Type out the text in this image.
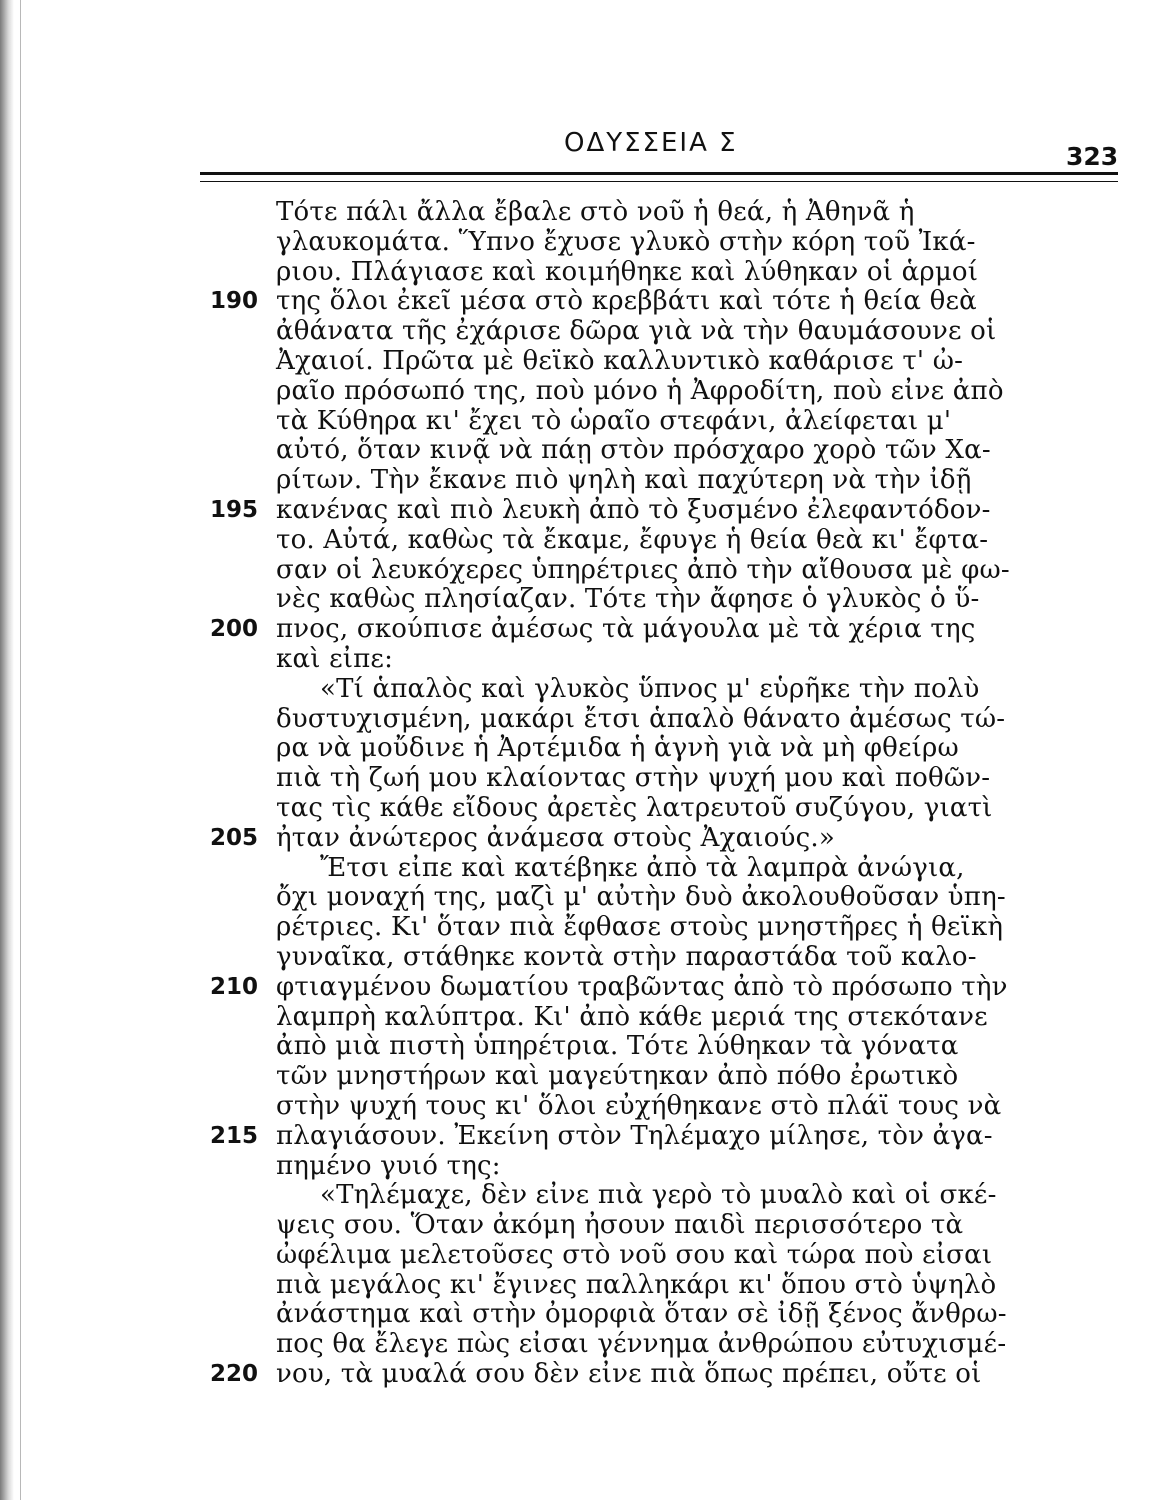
ΟΔΥΣΣΕΙΑ Σ	323
Τότε πάλι ἄλλα ἔβαλε στὸ νοῦ ἡ θεά, ἡ Ἀθηνᾶ ἡ
γλαυκομάτα. Ὕπνο ἔχυσε γλυκὸ στὴν κόρη τοῦ Ἰκά-
ριου. Πλάγιασε καὶ κοιμήθηκε καὶ λύθηκαν οἱ ἁρμοί
190 της ὅλοι ἐκεῖ μέσα στὸ κρεββάτι καὶ τότε ἡ θεία θεὰ
ἀθάνατα τῆς ἐχάρισε δῶρα γιὰ νὰ τὴν θαυμάσουνε οἱ
Ἀχαιοί. Πρῶτα μὲ θεϊκὸ καλλυντικὸ καθάρισε τ' ὠ-
ραῖο πρόσωπό της, ποὺ μόνο ἡ Ἀφροδίτη, ποὺ εἶνε ἀπὸ
τὰ Κύθηρα κι' ἔχει τὸ ὡραῖο στεφάνι, ἀλείφεται μ'
αὐτό, ὅταν κινᾷ νὰ πάῃ στὸν πρόσχαρο χορὸ τῶν Χα-
ρίτων. Τὴν ἔκανε πιὸ ψηλὴ καὶ παχύτερη νὰ τὴν ἰδῇ
195 κανένας καὶ πιὸ λευκὴ ἀπὸ τὸ ξυσμένο ἐλεφαντόδον-
το. Αὐτά, καθὼς τὰ ἔκαμε, ἔφυγε ἡ θεία θεὰ κι' ἔφτα-
σαν οἱ λευκόχερες ὑπηρέτριες ἀπὸ τὴν αἴθουσα μὲ φω-
νὲς καθὼς πλησίαζαν. Τότε τὴν ἄφησε ὁ γλυκὸς ὁ ὕ-
200 πνος, σκούπισε ἀμέσως τὰ μάγουλα μὲ τὰ χέρια της
καὶ εἶπε:
«Τί ἁπαλὸς καὶ γλυκὸς ὕπνος μ' εὑρῆκε τὴν πολὺ
δυστυχισμένη, μακάρι ἔτσι ἁπαλὸ θάνατο ἀμέσως τώ-
ρα νὰ μοὔδινε ἡ Ἀρτέμιδα ἡ ἁγνὴ γιὰ νὰ μὴ φθείρω
πιὰ τὴ ζωή μου κλαίοντας στὴν ψυχή μου καὶ ποθῶν-
τας τὶς κάθε εἴδους ἀρετὲς λατρευτοῦ συζύγου, γιατὶ
205 ἦταν ἀνώτερος ἀνάμεσα στοὺς Ἀχαιούς.»
Ἔτσι εἶπε καὶ κατέβηκε ἀπὸ τὰ λαμπρὰ ἀνώγια,
ὄχι μοναχή της, μαζὶ μ' αὐτὴν δυὸ ἀκολουθοῦσαν ὑπη-
ρέτριες. Κι' ὅταν πιὰ ἔφθασε στοὺς μνηστῆρες ἡ θεϊκὴ
γυναῖκα, στάθηκε κοντὰ στὴν παραστάδα τοῦ καλο-
210 φτιαγμένου δωματίου τραβῶντας ἀπὸ τὸ πρόσωπο τὴν
λαμπρὴ καλύπτρα. Κι' ἀπὸ κάθε μεριά της στεκότανε
ἀπὸ μιὰ πιστὴ ὑπηρέτρια. Τότε λύθηκαν τὰ γόνατα
τῶν μνηστήρων καὶ μαγεύτηκαν ἀπὸ πόθο ἐρωτικὸ
στὴν ψυχή τους κι' ὅλοι εὐχήθηκανε στὸ πλάϊ τους νὰ
215 πλαγιάσουν. Ἐκείνη στὸν Τηλέμαχο μίλησε, τὸν ἀγα-
πημένο γυιό της:
«Τηλέμαχε, δὲν εἶνε πιὰ γερὸ τὸ μυαλὸ καὶ οἱ σκέ-
ψεις σου. Ὅταν ἀκόμη ἦσουν παιδὶ περισσότερο τὰ
ὠφέλιμα μελετοῦσες στὸ νοῦ σου καὶ τώρα ποὺ εἶσαι
πιὰ μεγάλος κι' ἔγινες παλληκάρι κι' ὅπου στὸ ὑψηλὸ
ἀνάστημα καὶ στὴν ὀμορφιὰ ὅταν σὲ ἰδῇ ξένος ἄνθρω-
πος θα ἔλεγε πὼς εἶσαι γέννημα ἀνθρώπου εὐτυχισμέ-
220 νου, τὰ μυαλά σου δὲν εἶνε πιὰ ὅπως πρέπει, οὔτε οἱ
